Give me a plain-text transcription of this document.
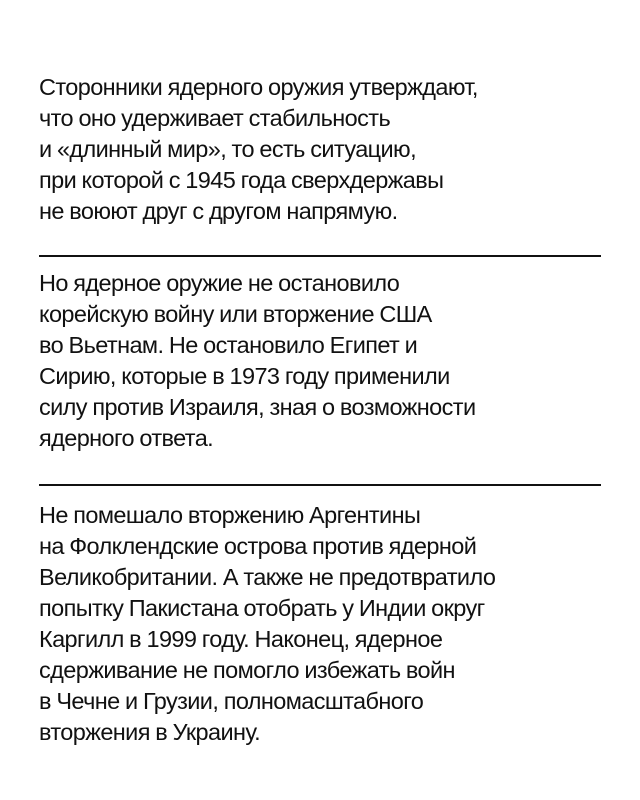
Сторонники ядерного оружия утверждают,
что оно удерживает стабильность
и «длинный мир», то есть ситуацию,
при которой с 1945 года сверхдержавы
не воюют друг с другом напрямую.
Но ядерное оружие не остановило
корейскую войну или вторжение США
во Вьетнам. Не остановило Египет и
Сирию, которые в 1973 году применили
силу против Израиля, зная о возможности
ядерного ответа.
Не помешало вторжению Аргентины
на Фолклендские острова против ядерной
Великобритании. А также не предотвратило
попытку Пакистана отобрать у Индии округ
Каргилл в 1999 году. Наконец, ядерное
сдерживание не помогло избежать войн
в Чечне и Грузии, полномасштабного
вторжения в Украину.
